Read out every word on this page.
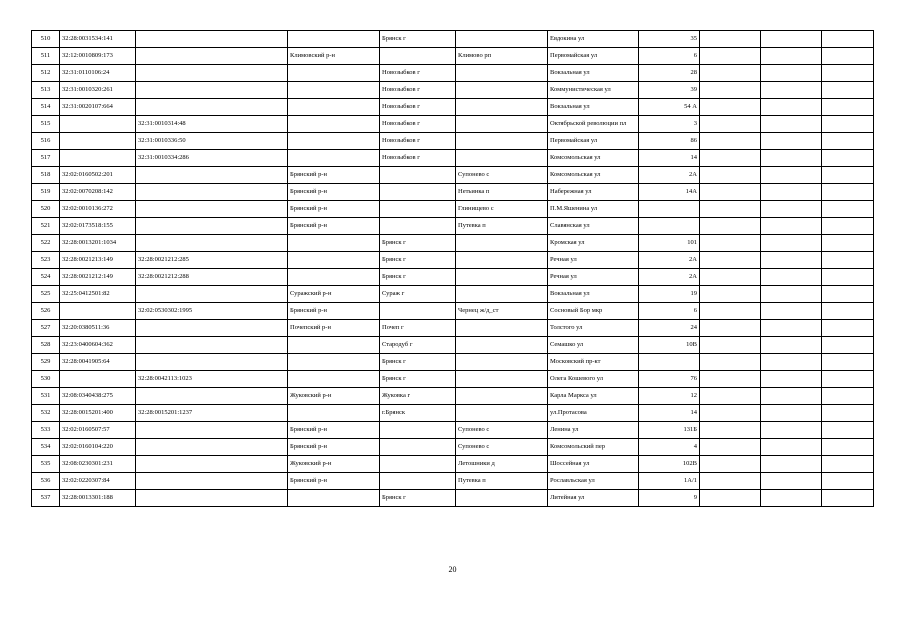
510	32:28:0031534:141			Брянск г		Евдокина ул	35			
511	32:12:0010809:173		Климовский р-н		Климово рп	Первомайская ул	6			
512	32:31:0110106:24			Новозыбков г		Вокзальная ул	28			
513	32:31:0010320:261			Новозыбков г		Коммунистическая ул	39			
514	32:31:0020107:664			Новозыбков г		Вокзальная ул	54 А			
515		32:31:0010314:48		Новозыбков г		Октябрьской революции пл	3			
516		32:31:0010336:50		Новозыбков г		Первомайская ул	86			
517		32:31:0010334:286		Новозыбков г		Комсомольская ул	14			
518	32:02:0160502:201		Брянский р-н		Супонево с	Комсомольская ул	2А			
519	32:02:0070208:142		Брянский р-н		Нетьинка п	Набережная ул	14А			
520	32:02:0010136:272		Брянский р-н		Глинищево с	П.М.Яшенина ул				
521	32:02:0173518:155		Брянский р-н		Путевка п	Славянская ул				
522	32:28:0013201:1034			Брянск г		Кромская ул	101			
523	32:28:0021213:149	32:28:0021212:285		Брянск г		Речная ул	2А			
524	32:28:0021212:149	32:28:0021212:288		Брянск г		Речная ул	2А			
525	32:25:0412501:82		Суражский р-н	Сураж г		Вокзальная ул	19			
526		32:02:0530302:1995	Брянский р-н		Чернец ж/д_ст	Сосновый Бор мкр	6			
527	32:20:0380511:36		Почепский р-н	Почеп г		Толстого ул	24			
528	32:23:0400604:362			Стародуб г		Семашко ул	10В			
529	32:28:0041905:64			Брянск г		Московский пр-кт				
530		32:28:0042113:1023		Брянск г		Олега Кошевого ул	76			
531	32:08:0340438:275		Жуковский р-н	Жуковка г		Карла Маркса ул	12			
532	32:28:0015201:400	32:28:0015201:1237		г.Брянск		ул.Протасова	14			
533	32:02:0160507:57		Брянский р-н		Супонево с	Ленина ул	131Б			
534	32:02:0160104:220		Брянский р-н		Супонево с	Комсомольский пер	4			
535	32:08:0230301:231		Жуковский р-н		Летошники д	Шоссейная ул	102В			
536	32:02:0220307:84		Брянский р-н		Путевка п	Рославльская ул	1А/1			
537	32:28:0013301:188			Брянск г		Литейная ул	9			
20
